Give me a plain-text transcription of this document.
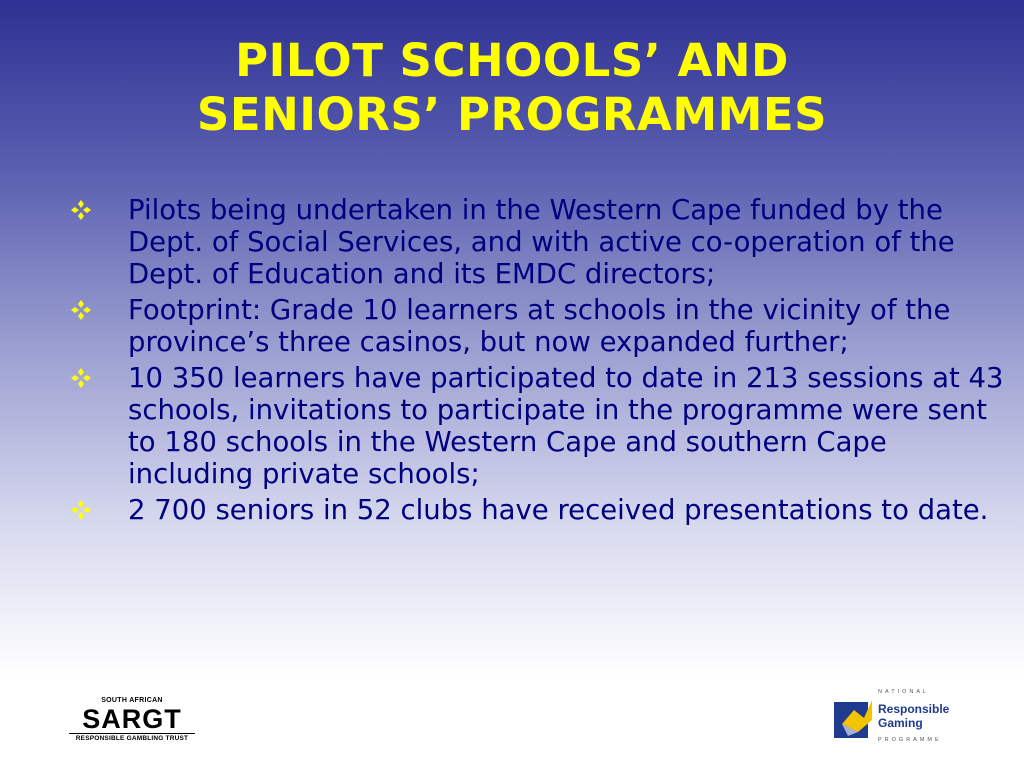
PILOT SCHOOLS’ AND
SENIORS’ PROGRAMMES
Pilots being undertaken in the Western Cape funded by the Dept. of Social Services, and with active co-operation of the Dept. of Education and its EMDC directors;
Footprint: Grade 10 learners at schools in the vicinity of the province’s three casinos, but now expanded further;
10 350 learners have participated to date in 213 sessions at 43 schools, invitations to participate in the programme were sent to 180 schools in the Western Cape and southern Cape including private schools;
2 700 seniors in 52 clubs have received presentations to date.
SOUTH AFRICAN
SARGT
RESPONSIBLE GAMBLING TRUST
NATIONAL
Responsible
Gaming
PROGRAMME
